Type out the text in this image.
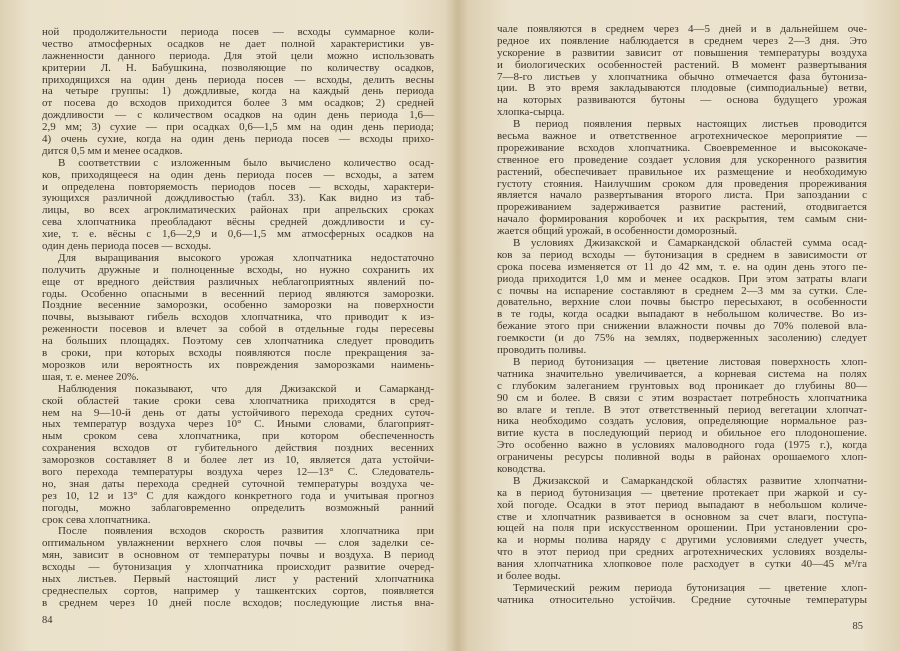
ной продолжительности периода посев — всходы суммарное коли-
чество атмосферных осадков не дает полной характеристики ув-
лажненности данного периода. Для этой цели можно использовать
критерии Л. Н. Бабушкина, позволяющие по количеству осадков,
приходящихся на один день периода посев — всходы, делить весны
на четыре группы: 1) дождливые, когда на каждый день периода
от посева до всходов приходится более 3 мм осадков; 2) средней
дождливости — с количеством осадков на один день периода 1,6—
2,9 мм; 3) сухие — при осадках 0,6—1,5 мм на один день периода;
4) очень сухие, когда на один день периода посев — всходы прихо-
дится 0,5 мм и менее осадков.
В соответствии с изложенным было вычислено количество осад-
ков, приходящееся на один день периода посев — всходы, а затем
и определена повторяемость периодов посев — всходы, характери-
зующихся различной дождливостью (табл. 33). Как видно из таб-
лицы, во всех агроклиматических районах при апрельских сроках
сева хлопчатника преобладают вёсны средней дождливости и су-
хие, т. е. вёсны с 1,6—2,9 и 0,6—1,5 мм атмосферных осадков на
один день периода посев — всходы.
Для выращивания высокого урожая хлопчатника недостаточно
получить дружные и полноценные всходы, но нужно сохранить их
еще от вредного действия различных неблагоприятных явлений по-
годы. Особенно опасными в весенний период являются заморозки.
Поздние весенние заморозки, особенно заморозки на поверхности
почвы, вызывают гибель всходов хлопчатника, что приводит к из-
реженности посевов и влечет за собой в отдельные годы пересевы
на больших площадях. Поэтому сев хлопчатника следует проводить
в сроки, при которых всходы появляются после прекращения за-
морозков или вероятность их повреждения заморозками наимень-
шая, т. е. менее 20%.
Наблюдения показывают, что для Джизакской и Самарканд-
ской областей такие сроки сева хлопчатника приходятся в сред-
нем на 9—10-й день от даты устойчивого перехода средних суточ-
ных температур воздуха через 10° С. Иными словами, благоприят-
ным сроком сева хлопчатника, при котором обеспеченность
сохранения всходов от губительного действия поздних весенних
заморозков составляет 8 и более лет из 10, является дата устойчи-
вого перехода температуры воздуха через 12—13° С. Следователь-
но, зная даты перехода средней суточной температуры воздуха че-
рез 10, 12 и 13° С для каждого конкретного года и учитывая прогноз
погоды, можно заблаговременно определить возможный ранний
срок сева хлопчатника.
После появления всходов скорость развития хлопчатника при
оптимальном увлажнении верхнего слоя почвы — слоя заделки се-
мян, зависит в основном от температуры почвы и воздуха. В период
всходы — бутонизация у хлопчатника происходит развитие очеред-
ных листьев. Первый настоящий лист у растений хлопчатника
среднеспелых сортов, например у ташкентских сортов, появляется
в среднем через 10 дней после всходов; последующие листья вна-
84
чале появляются в среднем через 4—5 дней и в дальнейшем оче-
редное их появление наблюдается в среднем через 2—3 дня. Это
ускорение в развитии зависит от повышения температуры воздуха
и биологических особенностей растений. В момент развертывания
7—8-го листьев у хлопчатника обычно отмечается фаза бутониза-
ции. В это время закладываются плодовые (симподиальные) ветви,
на которых развиваются бутоны — основа будущего урожая
хлопка-сырца.
В период появления первых настоящих листьев проводится
весьма важное и ответственное агротехническое мероприятие —
прореживание всходов хлопчатника. Своевременное и высококаче-
ственное его проведение создает условия для ускоренного развития
растений, обеспечивает правильное их размещение и необходимую
густоту стояния. Наилучшим сроком для проведения прореживания
является начало развертывания второго листа. При запоздании с
прореживанием задерживается развитие растений, отодвигается
начало формирования коробочек и их раскрытия, тем самым сни-
жается общий урожай, в особенности доморозный.
В условиях Джизакской и Самаркандской областей сумма осад-
ков за период всходы — бутонизация в среднем в зависимости от
срока посева изменяется от 11 до 42 мм, т. е. на один день этого пе-
риода приходится 1,0 мм и менее осадков. При этом затраты влаги
с почвы на испарение составляют в среднем 2—3 мм за сутки. Сле-
довательно, верхние слои почвы быстро пересыхают, в особенности
в те годы, когда осадки выпадают в небольшом количестве. Во из-
бежание этого при снижении влажности почвы до 70% полевой вла-
гоемкости (и до 75% на землях, подверженных засолению) следует
проводить поливы.
В период бутонизация — цветение листовая поверхность хлоп-
чатника значительно увеличивается, а корневая система на полях
с глубоким залеганием грунтовых вод проникает до глубины 80—
90 см и более. В связи с этим возрастает потребность хлопчатника
во влаге и тепле. В этот ответственный период вегетации хлопчат-
ника необходимо создать условия, определяющие нормальное раз-
витие куста в последующий период и обильное его плодоношение.
Это особенно важно в условиях маловодного года (1975 г.), когда
ограничены ресурсы поливной воды в районах орошаемого хлоп-
ководства.
В Джизакской и Самаркандской областях развитие хлопчатни-
ка в период бутонизация — цветение протекает при жаркой и су-
хой погоде. Осадки в этот период выпадают в небольшом количе-
стве и хлопчатник развивается в основном за счет влаги, поступа-
ющей на поля при искусственном орошении. При установлении сро-
ка и нормы полива наряду с другими условиями следует учесть,
что в этот период при средних агротехнических условиях возделы-
вания хлопчатника хлопковое поле расходует в сутки 40—45 м³/га
и более воды.
Термический режим периода бутонизация — цветение хлоп-
чатника относительно устойчив. Средние суточные температуры
85
